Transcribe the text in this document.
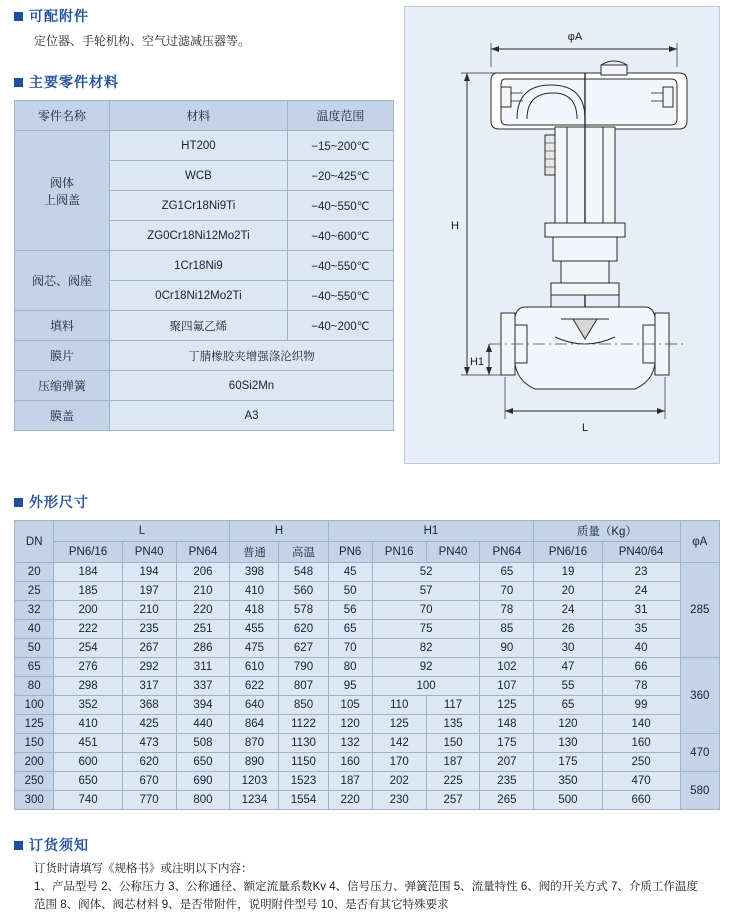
可配附件
定位器、手轮机构、空气过滤减压器等。
主要零件材料
零件名称	材料	温度范围
阀体
上阀盖	HT200	−15~200℃
	WCB	−20~425℃
	ZG1Cr18Ni9Ti	−40~550℃
	ZG0Cr18Ni12Mo2Ti	−40~600℃
阀芯、阀座	1Cr18Ni9	−40~550℃
	0Cr18Ni12Mo2Ti	−40~550℃
填料	聚四氟乙烯	−40~200℃
膜片	丁腈橡胶夹增强涤沦织物	
压缩弹簧	60Si2Mn	
膜盖	A3	
φA
H
H1
L
外形尺寸
DN	L			H		H1				质量（Kg）		φA
	PN6/16	PN40	PN64	普通	高温	PN6	PN16	PN40	PN64	PN6/16	PN40/64	
20	184	194	206	398	548	45	52		65	19	23	285
25	185	197	210	410	560	50	57		70	20	24	
32	200	210	220	418	578	56	70		78	24	31	
40	222	235	251	455	620	65	75		85	26	35	
50	254	267	286	475	627	70	82		90	30	40	
65	276	292	311	610	790	80	92		102	47	66	360
80	298	317	337	622	807	95	100		107	55	78	
100	352	368	394	640	850	105	110	117	125	65	99	
125	410	425	440	864	1122	120	125	135	148	120	140	
150	451	473	508	870	1130	132	142	150	175	130	160	470
200	600	620	650	890	1150	160	170	187	207	175	250	
250	650	670	690	1203	1523	187	202	225	235	350	470	580
300	740	770	800	1234	1554	220	230	257	265	500	660	
订货须知
订货时请填写《规格书》或注明以下内容：
1、产品型号 2、公称压力 3、公称通径、额定流量系数Kv 4、信号压力、弹簧范围 5、流量特性 6、阀的开关方式 7、介质工作温度
范围 8、阀体、阀芯材料 9、是否带附件，说明附件型号 10、是否有其它特殊要求
